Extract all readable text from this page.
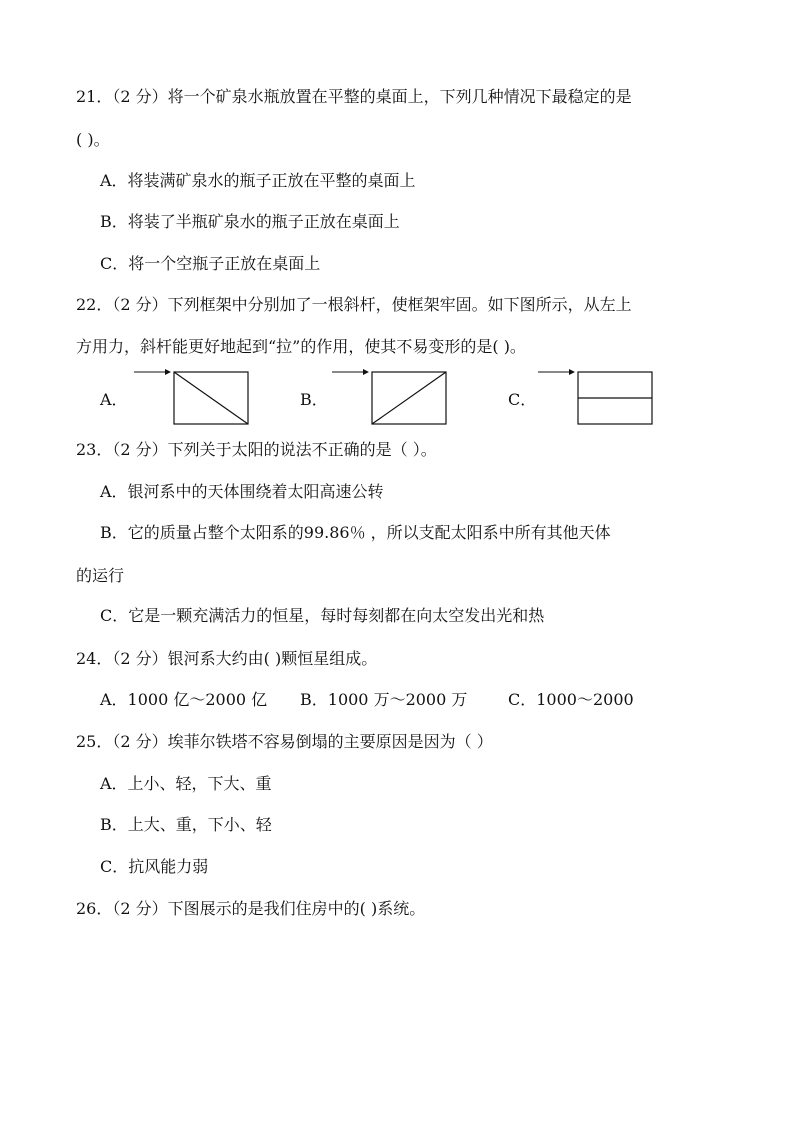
21．（2 分）将一个矿泉水瓶放置在平整的桌面上，下列几种情况下最稳定的是
( )。
A．将装满矿泉水的瓶子正放在平整的桌面上
B．将装了半瓶矿泉水的瓶子正放在桌面上
C．将一个空瓶子正放在桌面上
22．（2 分）下列框架中分别加了一根斜杆，使框架牢固。如下图所示，从左上
方用力，斜杆能更好地起到“拉”的作用，使其不易变形的是( )。
A．	B．	C．
23．（2 分）下列关于太阳的说法不正确的是（ ）。
A．银河系中的天体围绕着太阳高速公转
B．它的质量占整个太阳系的99.86％ ，所以支配太阳系中所有其他天体
的运行
C．它是一颗充满活力的恒星，每时每刻都在向太空发出光和热
24．（2 分）银河系大约由( )颗恒星组成。
A．1000 亿～2000 亿 B．1000 万～2000 万	C．1000～2000
25．（2 分）埃菲尔铁塔不容易倒塌的主要原因是因为（ ）
A．上小、轻，下大、重
B．上大、重，下小、轻
C．抗风能力弱
26．（2 分）下图展示的是我们住房中的( )系统。
